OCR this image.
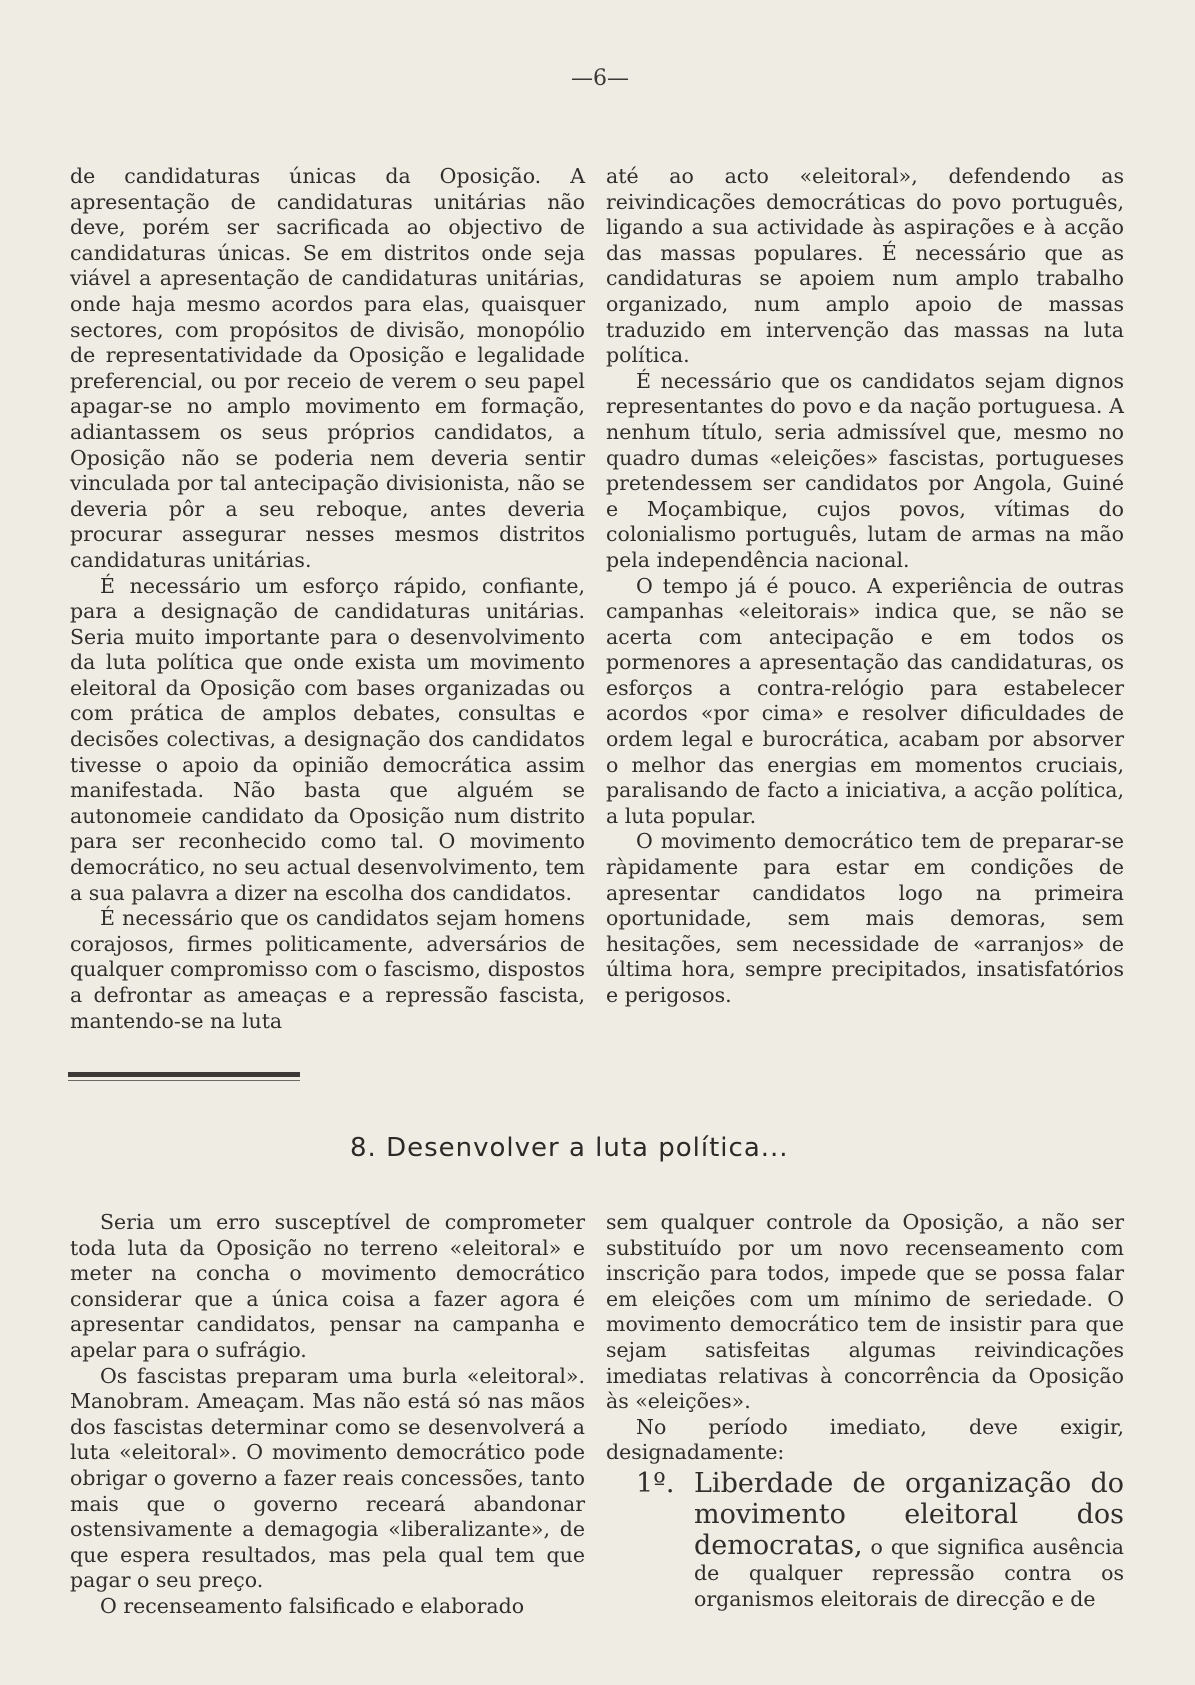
—6—

de candidaturas únicas da Oposição. A apresentação de candidaturas unitárias não deve, porém ser sacrificada ao objectivo de candidaturas únicas. Se em distritos onde seja viável a apresentação de candidaturas unitárias, onde haja mesmo acordos para elas, quaisquer sectores, com propósitos de divisão, monopólio de representatividade da Oposição e legalidade preferencial, ou por receio de verem o seu papel apagar-se no amplo movimento em formação, adiantassem os seus próprios candidatos, a Oposição não se poderia nem deveria sentir vinculada por tal antecipação divisionista, não se deveria pôr a seu reboque, antes deveria procurar assegurar nesses mesmos distritos candidaturas unitárias.

É necessário um esforço rápido, confiante, para a designação de candidaturas unitárias. Seria muito importante para o desenvolvimento da luta política que onde exista um movimento eleitoral da Oposição com bases organizadas ou com prática de amplos debates, consultas e decisões colectivas, a designação dos candidatos tivesse o apoio da opinião democrática assim manifestada. Não basta que alguém se autonomeie candidato da Oposição num distrito para ser reconhecido como tal. O movimento democrático, no seu actual desenvolvimento, tem a sua palavra a dizer na escolha dos candidatos.

É necessário que os candidatos sejam homens corajosos, firmes politicamente, adversários de qualquer compromisso com o fascismo, dispostos a defrontar as ameaças e a repressão fascista, mantendo-se na luta

até ao acto «eleitoral», defendendo as reivindicações democráticas do povo português, ligando a sua actividade às aspirações e à acção das massas populares. É necessário que as candidaturas se apoiem num amplo trabalho organizado, num amplo apoio de massas traduzido em intervenção das massas na luta política.

É necessário que os candidatos sejam dignos representantes do povo e da nação portuguesa. A nenhum título, seria admissível que, mesmo no quadro dumas «eleições» fascistas, portugueses pretendessem ser candidatos por Angola, Guiné e Moçambique, cujos povos, vítimas do colonialismo português, lutam de armas na mão pela independência nacional.

O tempo já é pouco. A experiência de outras campanhas «eleitorais» indica que, se não se acerta com antecipação e em todos os pormenores a apresentação das candidaturas, os esforços a contra-relógio para estabelecer acordos «por cima» e resolver dificuldades de ordem legal e burocrática, acabam por absorver o melhor das energias em momentos cruciais, paralisando de facto a iniciativa, a acção política, a luta popular.

O movimento democrático tem de preparar-se ràpidamente para estar em condições de apresentar candidatos logo na primeira oportunidade, sem mais demoras, sem hesitações, sem necessidade de «arranjos» de última hora, sempre precipitados, insatisfatórios e perigosos.

8. Desenvolver a luta política...

Seria um erro susceptível de comprometer toda luta da Oposição no terreno «eleitoral» e meter na concha o movimento democrático considerar que a única coisa a fazer agora é apresentar candidatos, pensar na campanha e apelar para o sufrágio.

Os fascistas preparam uma burla «eleitoral». Manobram. Ameaçam. Mas não está só nas mãos dos fascistas determinar como se desenvolverá a luta «eleitoral». O movimento democrático pode obrigar o governo a fazer reais concessões, tanto mais que o governo receará abandonar ostensivamente a demagogia «liberalizante», de que espera resultados, mas pela qual tem que pagar o seu preço.

O recenseamento falsificado e elaborado

sem qualquer controle da Oposição, a não ser substituído por um novo recenseamento com inscrição para todos, impede que se possa falar em eleições com um mínimo de seriedade. O movimento democrático tem de insistir para que sejam satisfeitas algumas reivindicações imediatas relativas à concorrência da Oposição às «eleições».

No período imediato, deve exigir, designadamente:

1º. Liberdade de organização do movimento eleitoral dos democratas, o que significa ausência de qualquer repressão contra os organismos eleitorais de direcção e de
